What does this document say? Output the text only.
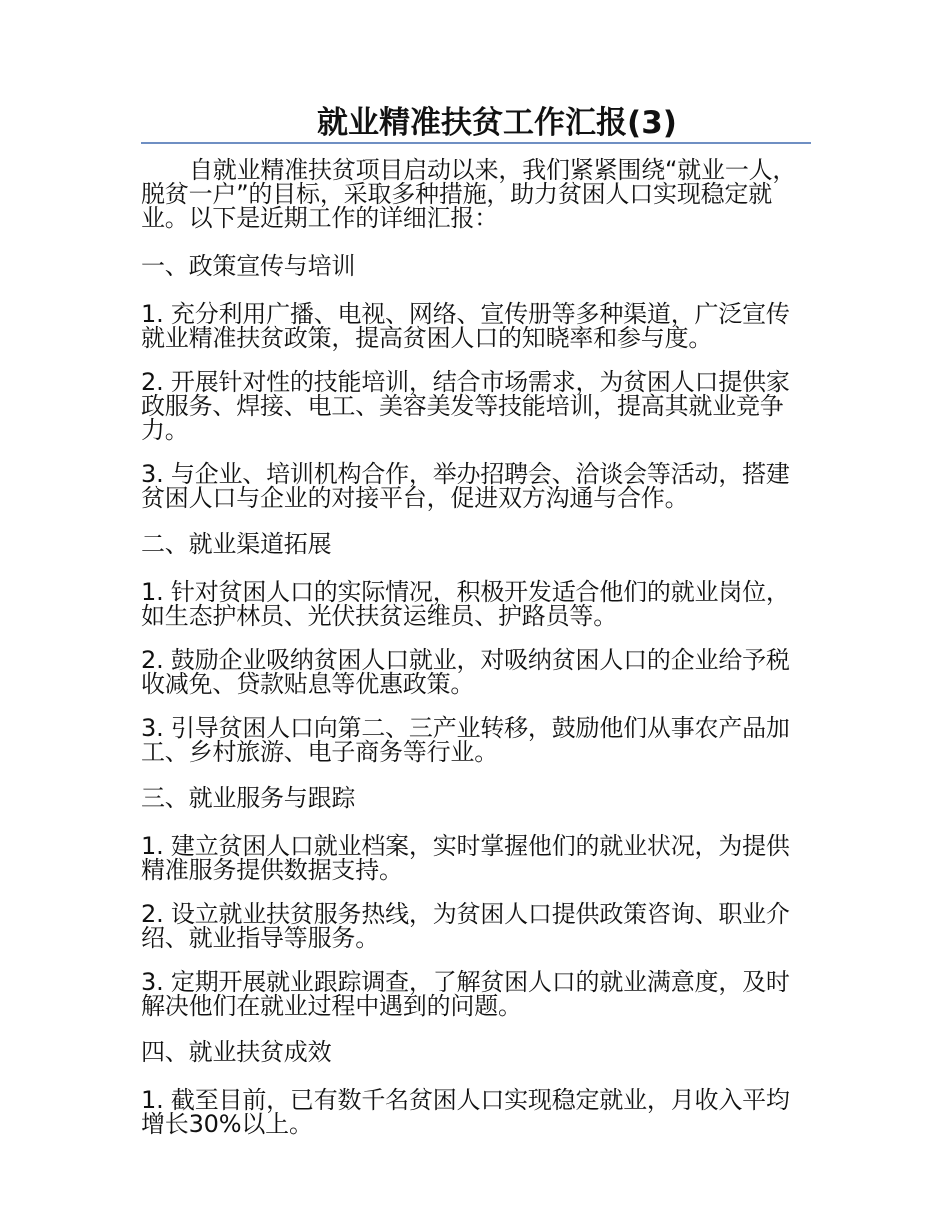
就业精准扶贫工作汇报(3)

自就业精准扶贫项目启动以来，我们紧紧围绕“就业一人，脱贫一户”的目标，采取多种措施，助力贫困人口实现稳定就业。以下是近期工作的详细汇报：

一、政策宣传与培训

1. 充分利用广播、电视、网络、宣传册等多种渠道，广泛宣传就业精准扶贫政策，提高贫困人口的知晓率和参与度。

2. 开展针对性的技能培训，结合市场需求，为贫困人口提供家政服务、焊接、电工、美容美发等技能培训，提高其就业竞争力。

3. 与企业、培训机构合作，举办招聘会、洽谈会等活动，搭建贫困人口与企业的对接平台，促进双方沟通与合作。

二、就业渠道拓展

1. 针对贫困人口的实际情况，积极开发适合他们的就业岗位，如生态护林员、光伏扶贫运维员、护路员等。

2. 鼓励企业吸纳贫困人口就业，对吸纳贫困人口的企业给予税收减免、贷款贴息等优惠政策。

3. 引导贫困人口向第二、三产业转移，鼓励他们从事农产品加工、乡村旅游、电子商务等行业。

三、就业服务与跟踪

1. 建立贫困人口就业档案，实时掌握他们的就业状况，为提供精准服务提供数据支持。

2. 设立就业扶贫服务热线，为贫困人口提供政策咨询、职业介绍、就业指导等服务。

3. 定期开展就业跟踪调查，了解贫困人口的就业满意度，及时解决他们在就业过程中遇到的问题。

四、就业扶贫成效

1. 截至目前，已有数千名贫困人口实现稳定就业，月收入平均增长30%以上。
